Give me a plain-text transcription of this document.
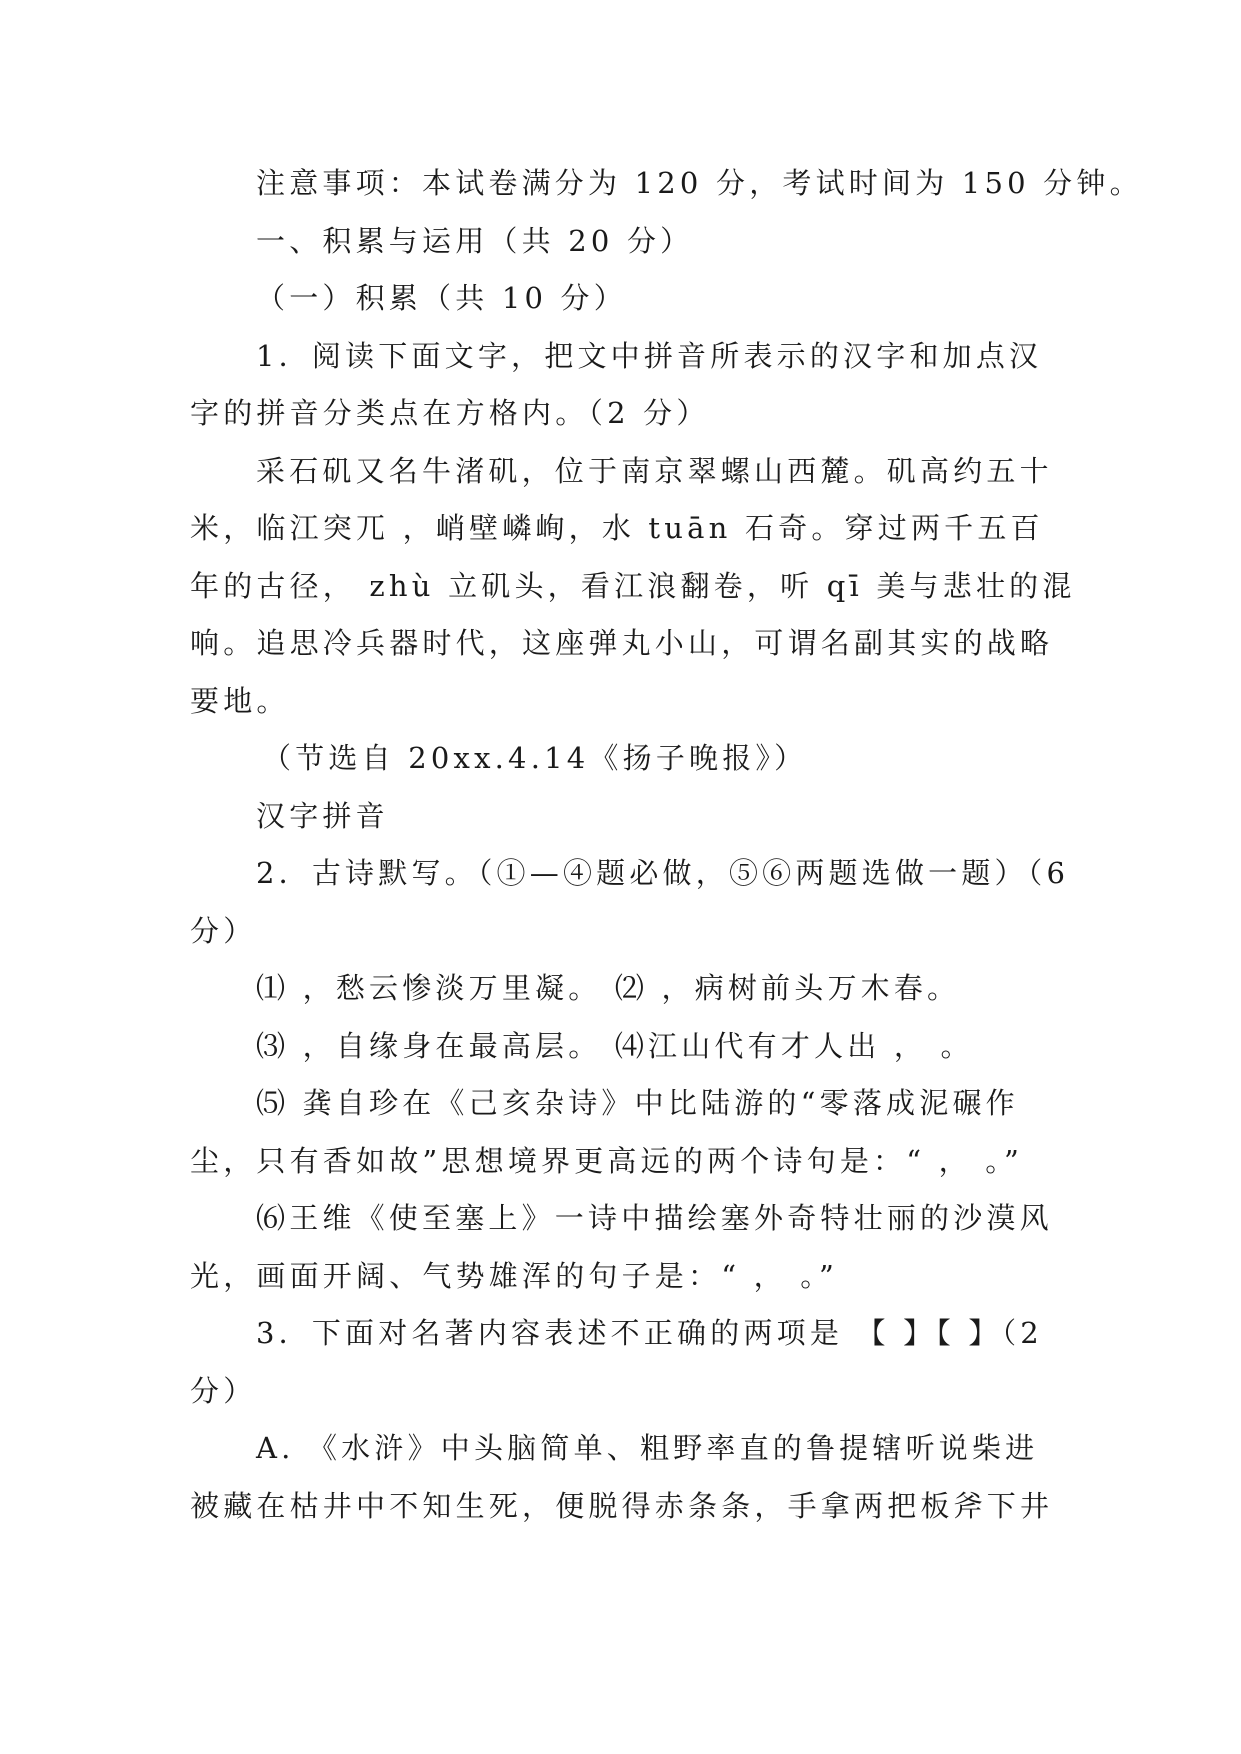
注意事项：本试卷满分为 120 分，考试时间为 150 分钟。
一、积累与运用（共 20 分）
（一）积累（共 10 分）
1．阅读下面文字，把文中拼音所表示的汉字和加点汉
字的拼音分类点在方格内。（2 分）
采石矶又名牛渚矶，位于南京翠螺山西麓。矶高约五十
米，临江突兀 ，峭壁嶙峋，水 tuān 石奇。穿过两千五百
年的古径， zhù 立矶头，看江浪翻卷，听 qī 美与悲壮的混
响。追思冷兵器时代，这座弹丸小山，可谓名副其实的战略
要地。
（节选自 20xx.4.14《扬子晚报》）
汉字拼音
2．古诗默写。（①—④题必做，⑤⑥两题选做一题）（6
分）
⑴ ，愁云惨淡万里凝。 ⑵ ，病树前头万木春。
⑶ ，自缘身在最高层。 ⑷江山代有才人出 ， 。
⑸ 龚自珍在《己亥杂诗》中比陆游的“零落成泥碾作
尘，只有香如故”思想境界更高远的两个诗句是：“ ， 。”
⑹王维《使至塞上》一诗中描绘塞外奇特壮丽的沙漠风
光，画面开阔、气势雄浑的句子是：“ ， 。”
3．下面对名著内容表述不正确的两项是 【 】【 】（2
分）
A. 《水浒》中头脑简单、粗野率直的鲁提辖听说柴进
被藏在枯井中不知生死，便脱得赤条条，手拿两把板斧下井
